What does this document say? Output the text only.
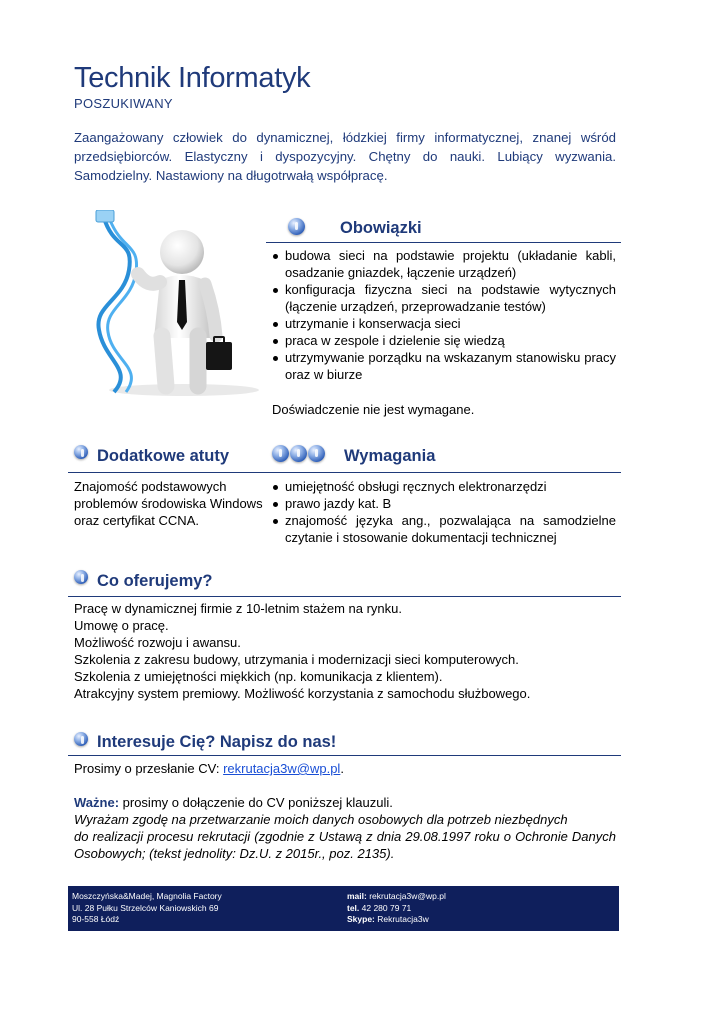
Technik Informatyk
POSZUKIWANY
Zaangażowany człowiek do dynamicznej, łódzkiej firmy informatycznej, znanej wśród przedsiębiorców. Elastyczny i dyspozycyjny. Chętny do nauki. Lubiący wyzwania. Samodzielny. Nastawiony na długotrwałą współpracę.
Obowiązki
budowa sieci na podstawie projektu (układanie kabli, osadzanie gniazdek, łączenie urządzeń)
konfiguracja fizyczna sieci na podstawie wytycznych (łączenie urządzeń, przeprowadzanie testów)
utrzymanie i konserwacja sieci
praca w zespole i dzielenie się wiedzą
utrzymywanie porządku na wskazanym stanowisku pracy oraz w biurze
Doświadczenie nie jest wymagane.
Dodatkowe atuty
Znajomość podstawowych problemów środowiska Windows oraz certyfikat CCNA.
Wymagania
umiejętność obsługi ręcznych elektronarzędzi
prawo jazdy kat. B
znajomość języka ang., pozwalająca na samodzielne czytanie i stosowanie dokumentacji technicznej
Co oferujemy?
Pracę w dynamicznej firmie z 10-letnim stażem na rynku.
Umowę o pracę.
Możliwość rozwoju i awansu.
Szkolenia z zakresu budowy, utrzymania i modernizacji sieci komputerowych.
Szkolenia z umiejętności miękkich (np. komunikacja z klientem).
Atrakcyjny system premiowy. Możliwość korzystania z samochodu służbowego.
Interesuje Cię? Napisz do nas!
Prosimy o przesłanie CV: rekrutacja3w@wp.pl.
Ważne: prosimy o dołączenie do CV poniższej klauzuli.
Wyrażam zgodę na przetwarzanie moich danych osobowych dla potrzeb niezbędnych
do realizacji procesu rekrutacji (zgodnie z Ustawą z dnia 29.08.1997 roku o Ochronie Danych Osobowych; (tekst jednolity: Dz.U. z 2015r., poz. 2135).
Moszczyńska&Madej, Magnolia Factory
Ul. 28 Pułku Strzelców Kaniowskich 69
90-558 Łódź
mail: rekrutacja3w@wp.pl
tel. 42 280 79 71
Skype: Rekrutacja3w
